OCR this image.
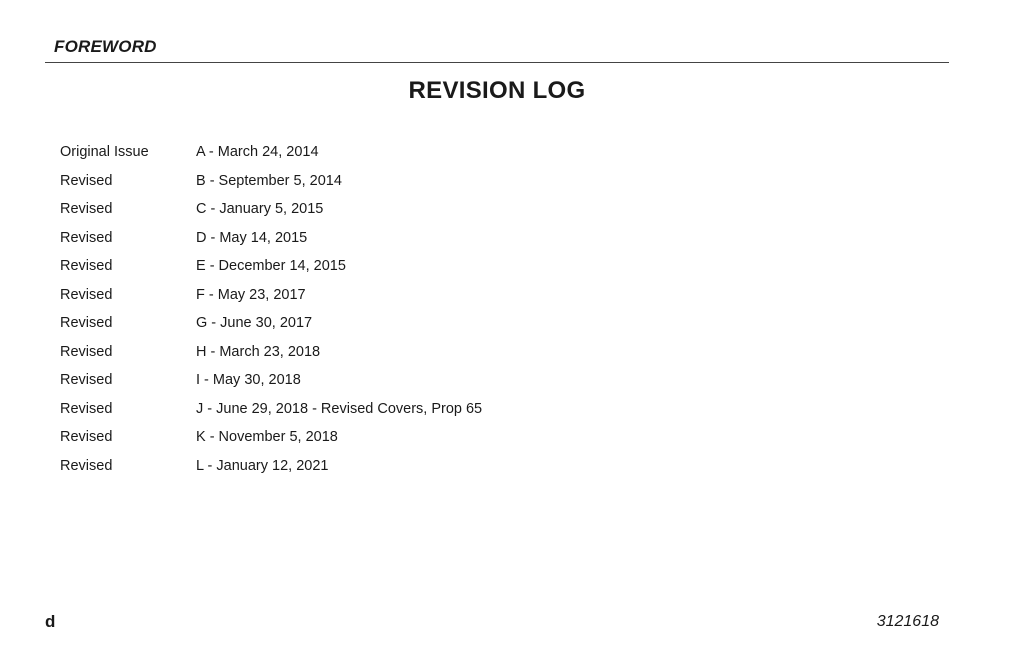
FOREWORD
REVISION LOG
Original Issue	A - March 24, 2014
Revised	B - September 5, 2014
Revised	C - January 5, 2015
Revised	D - May 14, 2015
Revised	E - December 14, 2015
Revised	F - May 23, 2017
Revised	G - June 30, 2017
Revised	H - March 23, 2018
Revised	I - May 30, 2018
Revised	J - June 29, 2018 - Revised Covers, Prop 65
Revised	K - November 5, 2018
Revised	L - January 12, 2021
d	3121618
